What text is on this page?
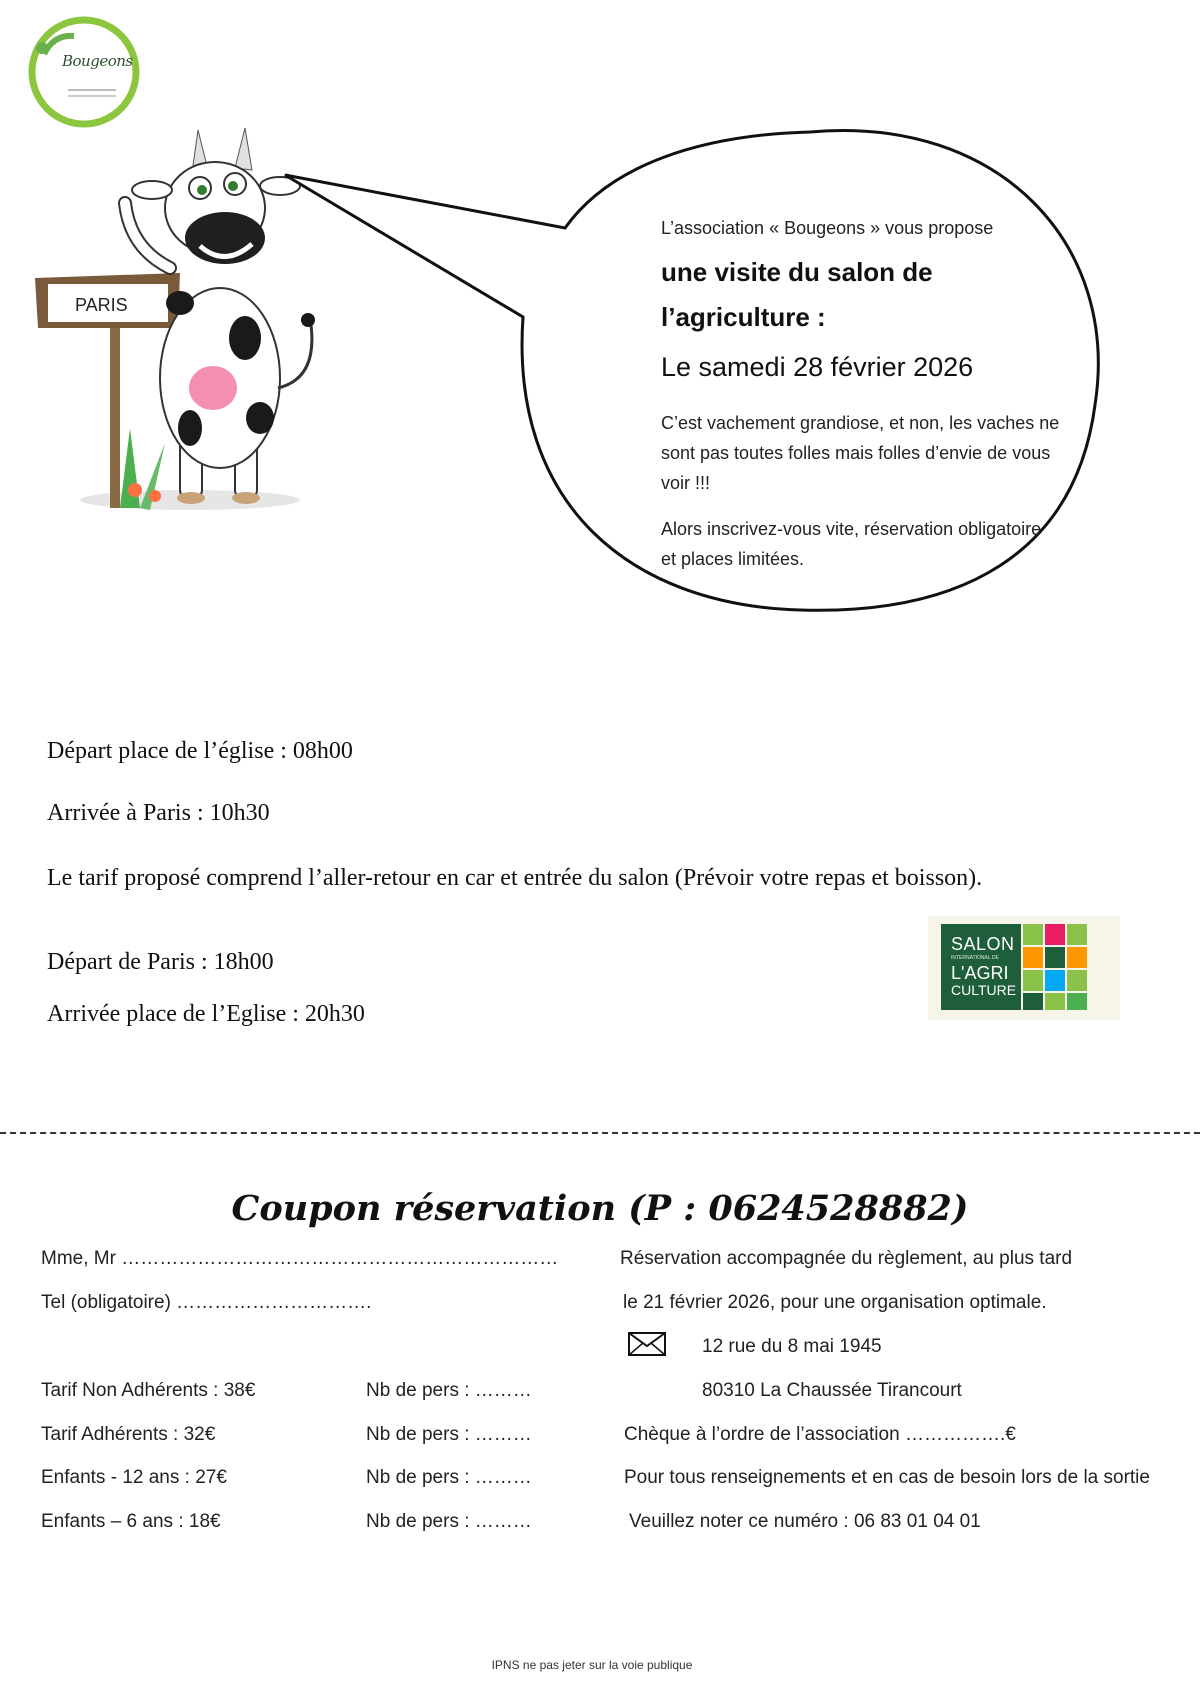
Bougeons
PARIS
L’association « Bougeons » vous propose
une visite du salon de l’agriculture :
Le samedi 28 février 2026
C’est vachement grandiose, et non, les vaches ne sont pas toutes folles mais folles d’envie de vous voir !!!
Alors inscrivez-vous vite, réservation obligatoire et places limitées.
Départ place de l’église : 08h00
Arrivée à Paris : 10h30
Le tarif proposé comprend l’aller-retour en car et entrée du salon (Prévoir votre repas et boisson).
Départ de Paris : 18h00
Arrivée place de l’Eglise : 20h30
SALON
INTERNATIONAL DE
L'AGRI
CULTURE
Coupon réservation (P : 0624528882)
Mme, Mr ……………………………………………………………
Tel (obligatoire) ………………………….
Tarif Non Adhérents : 38€	Nb de pers : ………
Tarif Adhérents : 32€	Nb de pers : ………
Enfants - 12 ans : 27€	Nb de pers : ………
Enfants – 6 ans : 18€	Nb de pers : ………
Réservation accompagnée du règlement, au plus tard
le 21 février 2026, pour une organisation optimale.
12 rue du 8 mai 1945
80310 La Chaussée Tirancourt
Chèque à l’ordre de l’association …………….€
Pour tous renseignements et en cas de besoin lors de la sortie
Veuillez noter ce numéro : 06 83 01 04 01
IPNS ne pas jeter sur la voie publique
